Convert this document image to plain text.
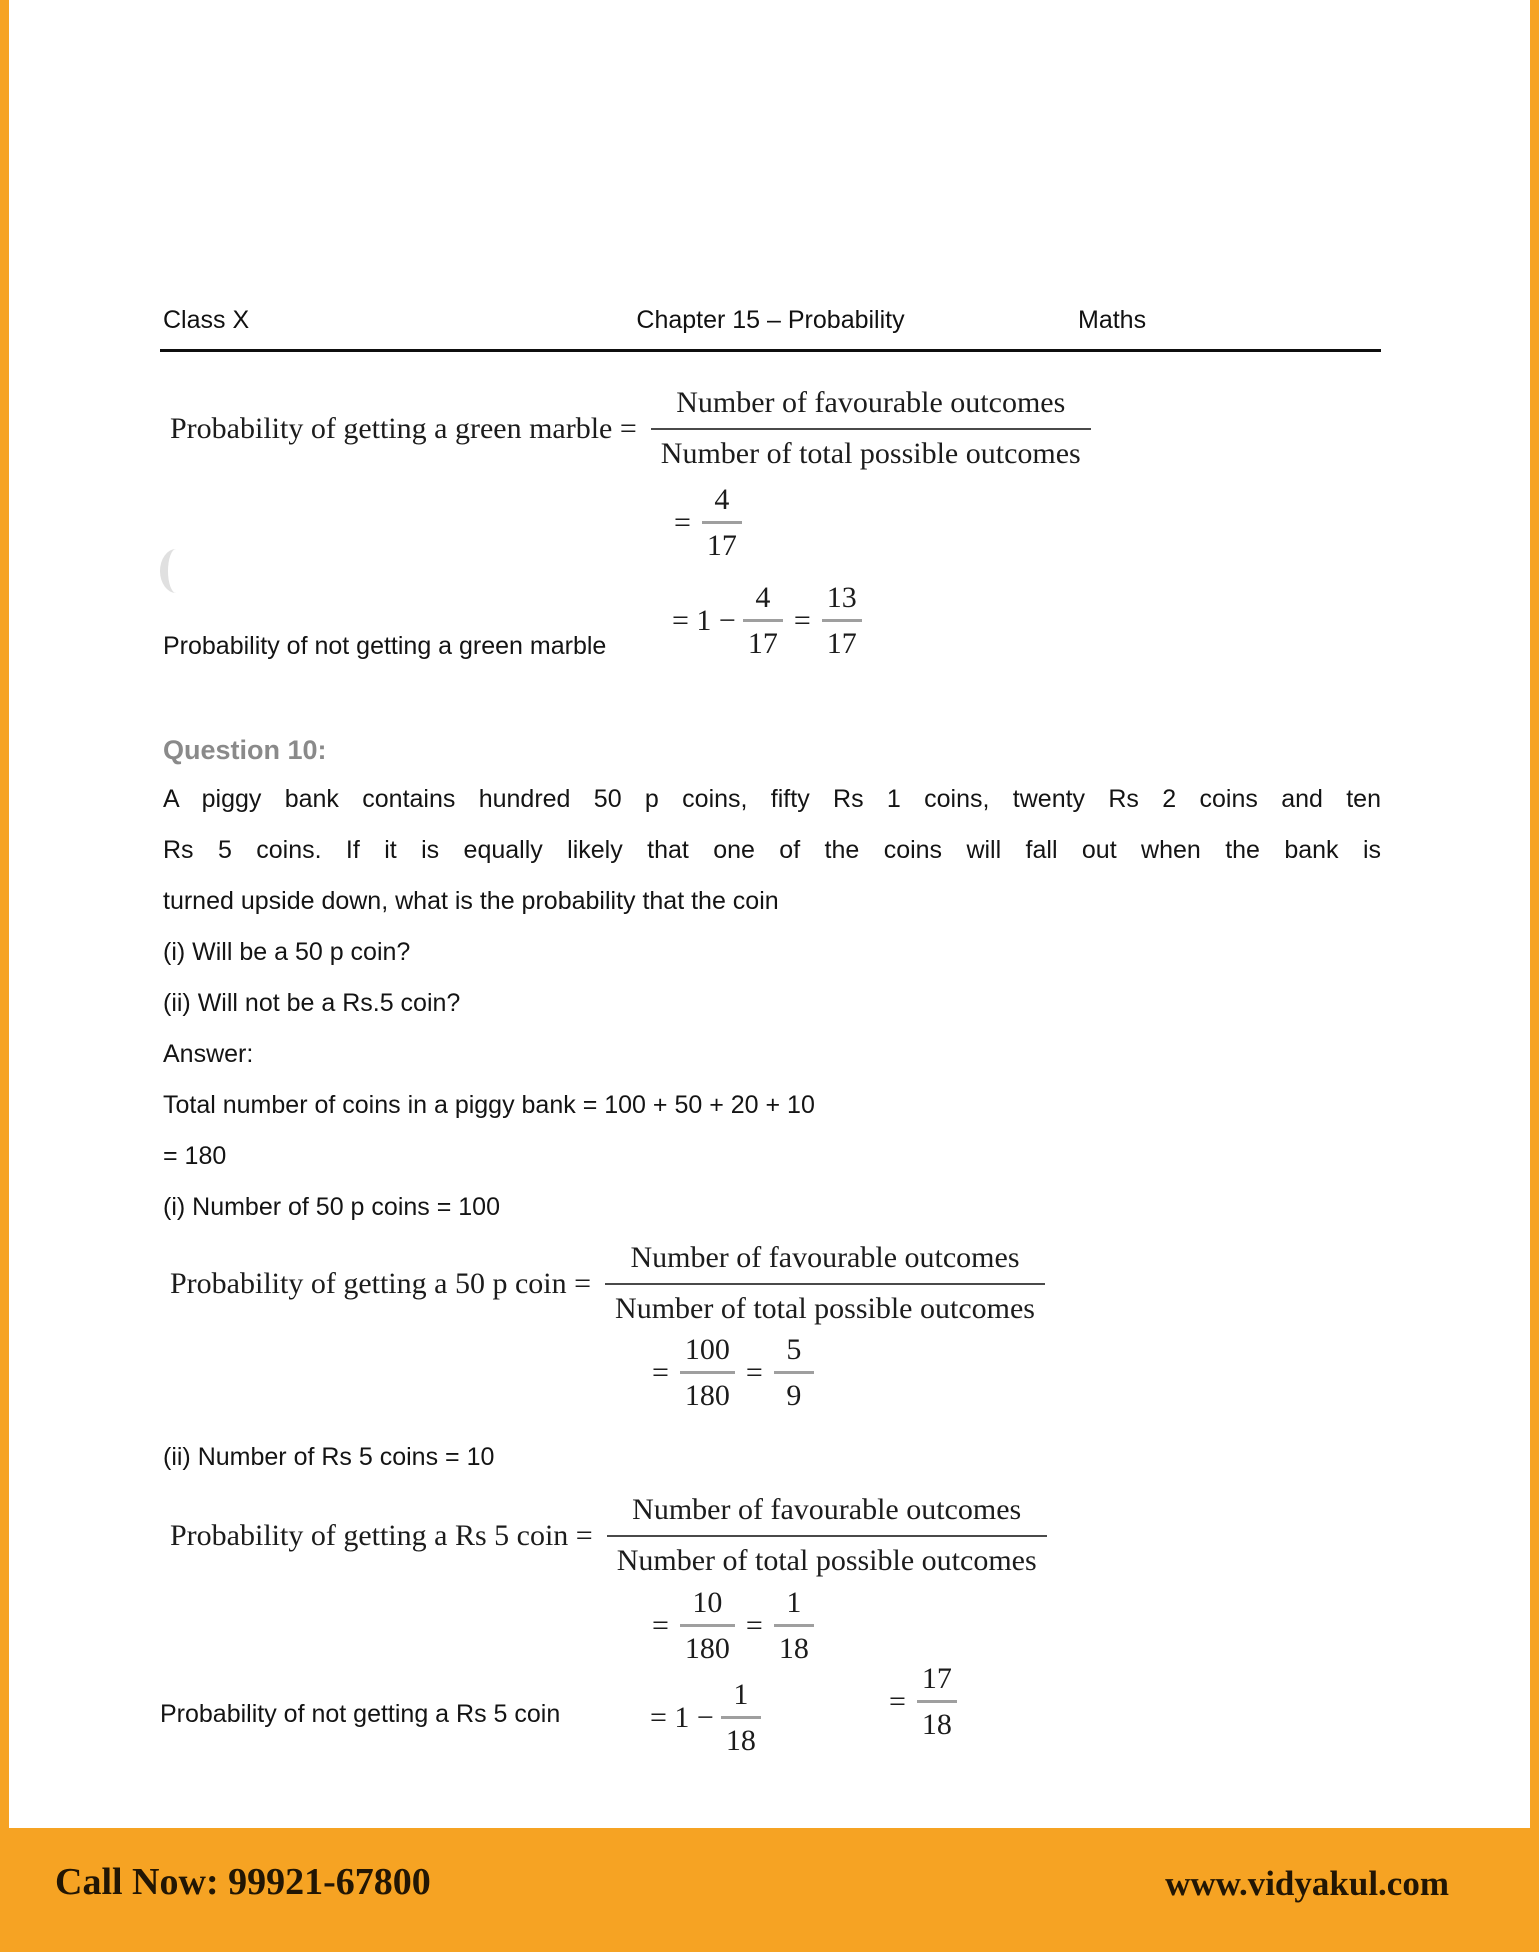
Class X	Chapter 15 – Probability	Maths
Probability of getting a green marble =
Number of favourable outcomes
Number of total possible outcomes
= $\frac{4}{17}$
Probability of not getting a green marble
= $1 - \frac{4}{17} = \frac{13}{17}$
Question 10:
A piggy bank contains hundred 50 p coins, fifty Rs 1 coins, twenty Rs 2 coins and ten
Rs 5 coins. If it is equally likely that one of the coins will fall out when the bank is
turned upside down, what is the probability that the coin
(i) Will be a 50 p coin?
(ii) Will not be a Rs.5 coin?
Answer:
Total number of coins in a piggy bank = 100 + 50 + 20 + 10
= 180
(i) Number of 50 p coins = 100
Probability of getting a 50 p coin =
Number of favourable outcomes
Number of total possible outcomes
= $\frac{100}{180} = \frac{5}{9}$
(ii) Number of Rs 5 coins = 10
Probability of getting a Rs 5 coin =
Number of favourable outcomes
Number of total possible outcomes
= $\frac{10}{180} = \frac{1}{18}$
Probability of not getting a Rs 5 coin	= $1 - \frac{1}{18}$	= $\frac{17}{18}$
Call Now: 99921-67800	www.vidyakul.com
